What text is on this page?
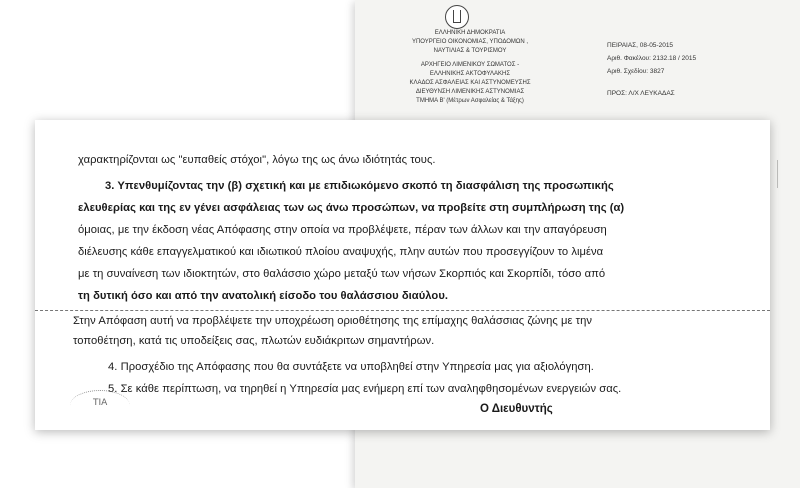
ΕΛΛΗΝΙΚΗ ΔΗΜΟΚΡΑΤΙΑ
ΥΠΟΥΡΓΕΙΟ ΟΙΚΟΝΟΜΙΑΣ, ΥΠΟΔΟΜΩΝ ,
ΝΑΥΤΙΛΙΑΣ & ΤΟΥΡΙΣΜΟΥ
ΑΡΧΗΓΕΙΟ ΛΙΜΕΝΙΚΟΥ ΣΩΜΑΤΟΣ -
ΕΛΛΗΝΙΚΗΣ ΑΚΤΟΦΥΛΑΚΗΣ
ΚΛΑΔΟΣ ΑΣΦΑΛΕΙΑΣ ΚΑΙ ΑΣΤΥΝΟΜΕΥΣΗΣ
ΔΙΕΥΘΥΝΣΗ ΛΙΜΕΝΙΚΗΣ ΑΣΤΥΝΟΜΙΑΣ
ΤΜΗΜΑ Β' (Μέτρων Ασφαλείας & Τάξης)
ΠΕΙΡΑΙΑΣ, 08-05-2015
Αριθ. Φακέλου: 2132.18 / 2015
Αριθ. Σχεδίου: 3827
ΠΡΟΣ: Λ/Χ ΛΕΥΚΑΔΑΣ
χαρακτηρίζονται ως "ευπαθείς στόχοι", λόγω της ως άνω ιδιότητάς τους.
3. Υπενθυμίζοντας την (β) σχετική και με επιδιωκόμενο σκοπό τη διασφάλιση της προσωπικής
ελευθερίας και της εν γένει ασφάλειας των ως άνω προσώπων, να προβείτε στη συμπλήρωση της (α)
όμοιας, με την έκδοση νέας Απόφασης στην οποία να προβλέψετε, πέραν των άλλων και την απαγόρευση
διέλευσης κάθε επαγγελματικού και ιδιωτικού πλοίου αναψυχής, πλην αυτών που προσεγγίζουν το λιμένα
με τη συναίνεση των ιδιοκτητών, στο θαλάσσιο χώρο μεταξύ των νήσων Σκορπιός και Σκορπίδι, τόσο από
τη δυτική όσο και από την ανατολική είσοδο του θαλάσσιου διαύλου.
Στην Απόφαση αυτή να προβλέψετε την υποχρέωση οριοθέτησης της επίμαχης θαλάσσιας ζώνης με την
τοποθέτηση, κατά τις υποδείξεις σας, πλωτών ευδιάκριτων σημαντήρων.
4. Προσχέδιο της Απόφασης που θα συντάξετε να υποβληθεί στην Υπηρεσία μας για αξιολόγηση.
5. Σε κάθε περίπτωση, να τηρηθεί η Υπηρεσία μας ενήμερη επί των αναληφθησομένων ενεργειών σας.
ΤΙΑ	Ο Διευθυντής
